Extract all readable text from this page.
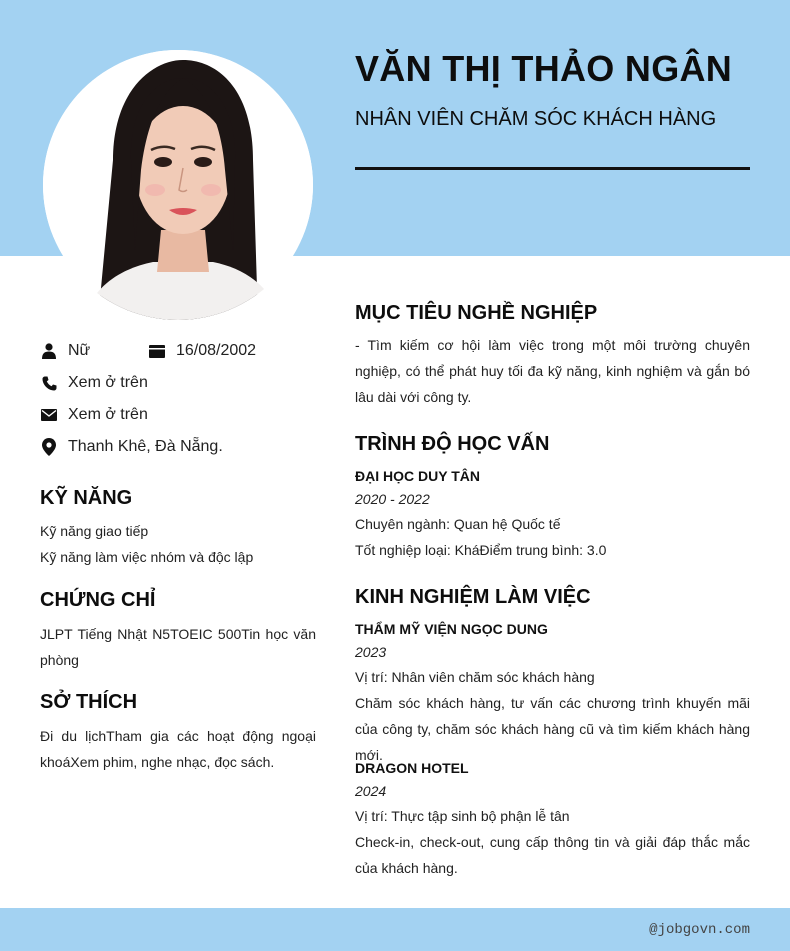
VĂN THỊ THẢO NGÂN
NHÂN VIÊN CHĂM SÓC KHÁCH HÀNG
Nữ	16/08/2002
Xem ở trên
Xem ở trên
Thanh Khê, Đà Nẵng.
KỸ NĂNG
Kỹ năng giao tiếp
Kỹ năng làm việc nhóm và độc lập
CHỨNG CHỈ
JLPT Tiếng Nhật N5TOEIC 500Tin học văn phòng
SỞ THÍCH
Đi du lịchTham gia các hoạt động ngoại khoáXem phim, nghe nhạc, đọc sách.
MỤC TIÊU NGHỀ NGHIỆP
- Tìm kiếm cơ hội làm việc trong một môi trường chuyên nghiệp, có thể phát huy tối đa kỹ năng, kinh nghiệm và gắn bó lâu dài với công ty.
TRÌNH ĐỘ HỌC VẤN
ĐẠI HỌC DUY TÂN
2020 - 2022
Chuyên ngành: Quan hệ Quốc tế
Tốt nghiệp loại: KháĐiểm trung bình: 3.0
KINH NGHIỆM LÀM VIỆC
THẨM MỸ VIỆN NGỌC DUNG
2023
Vị trí: Nhân viên chăm sóc khách hàng
Chăm sóc khách hàng, tư vấn các chương trình khuyến mãi của công ty, chăm sóc khách hàng cũ và tìm kiếm khách hàng mới.
DRAGON HOTEL
2024
Vị trí: Thực tập sinh bộ phận lễ tân
Check-in, check-out, cung cấp thông tin và giải đáp thắc mắc của khách hàng.
@jobgovn.com
